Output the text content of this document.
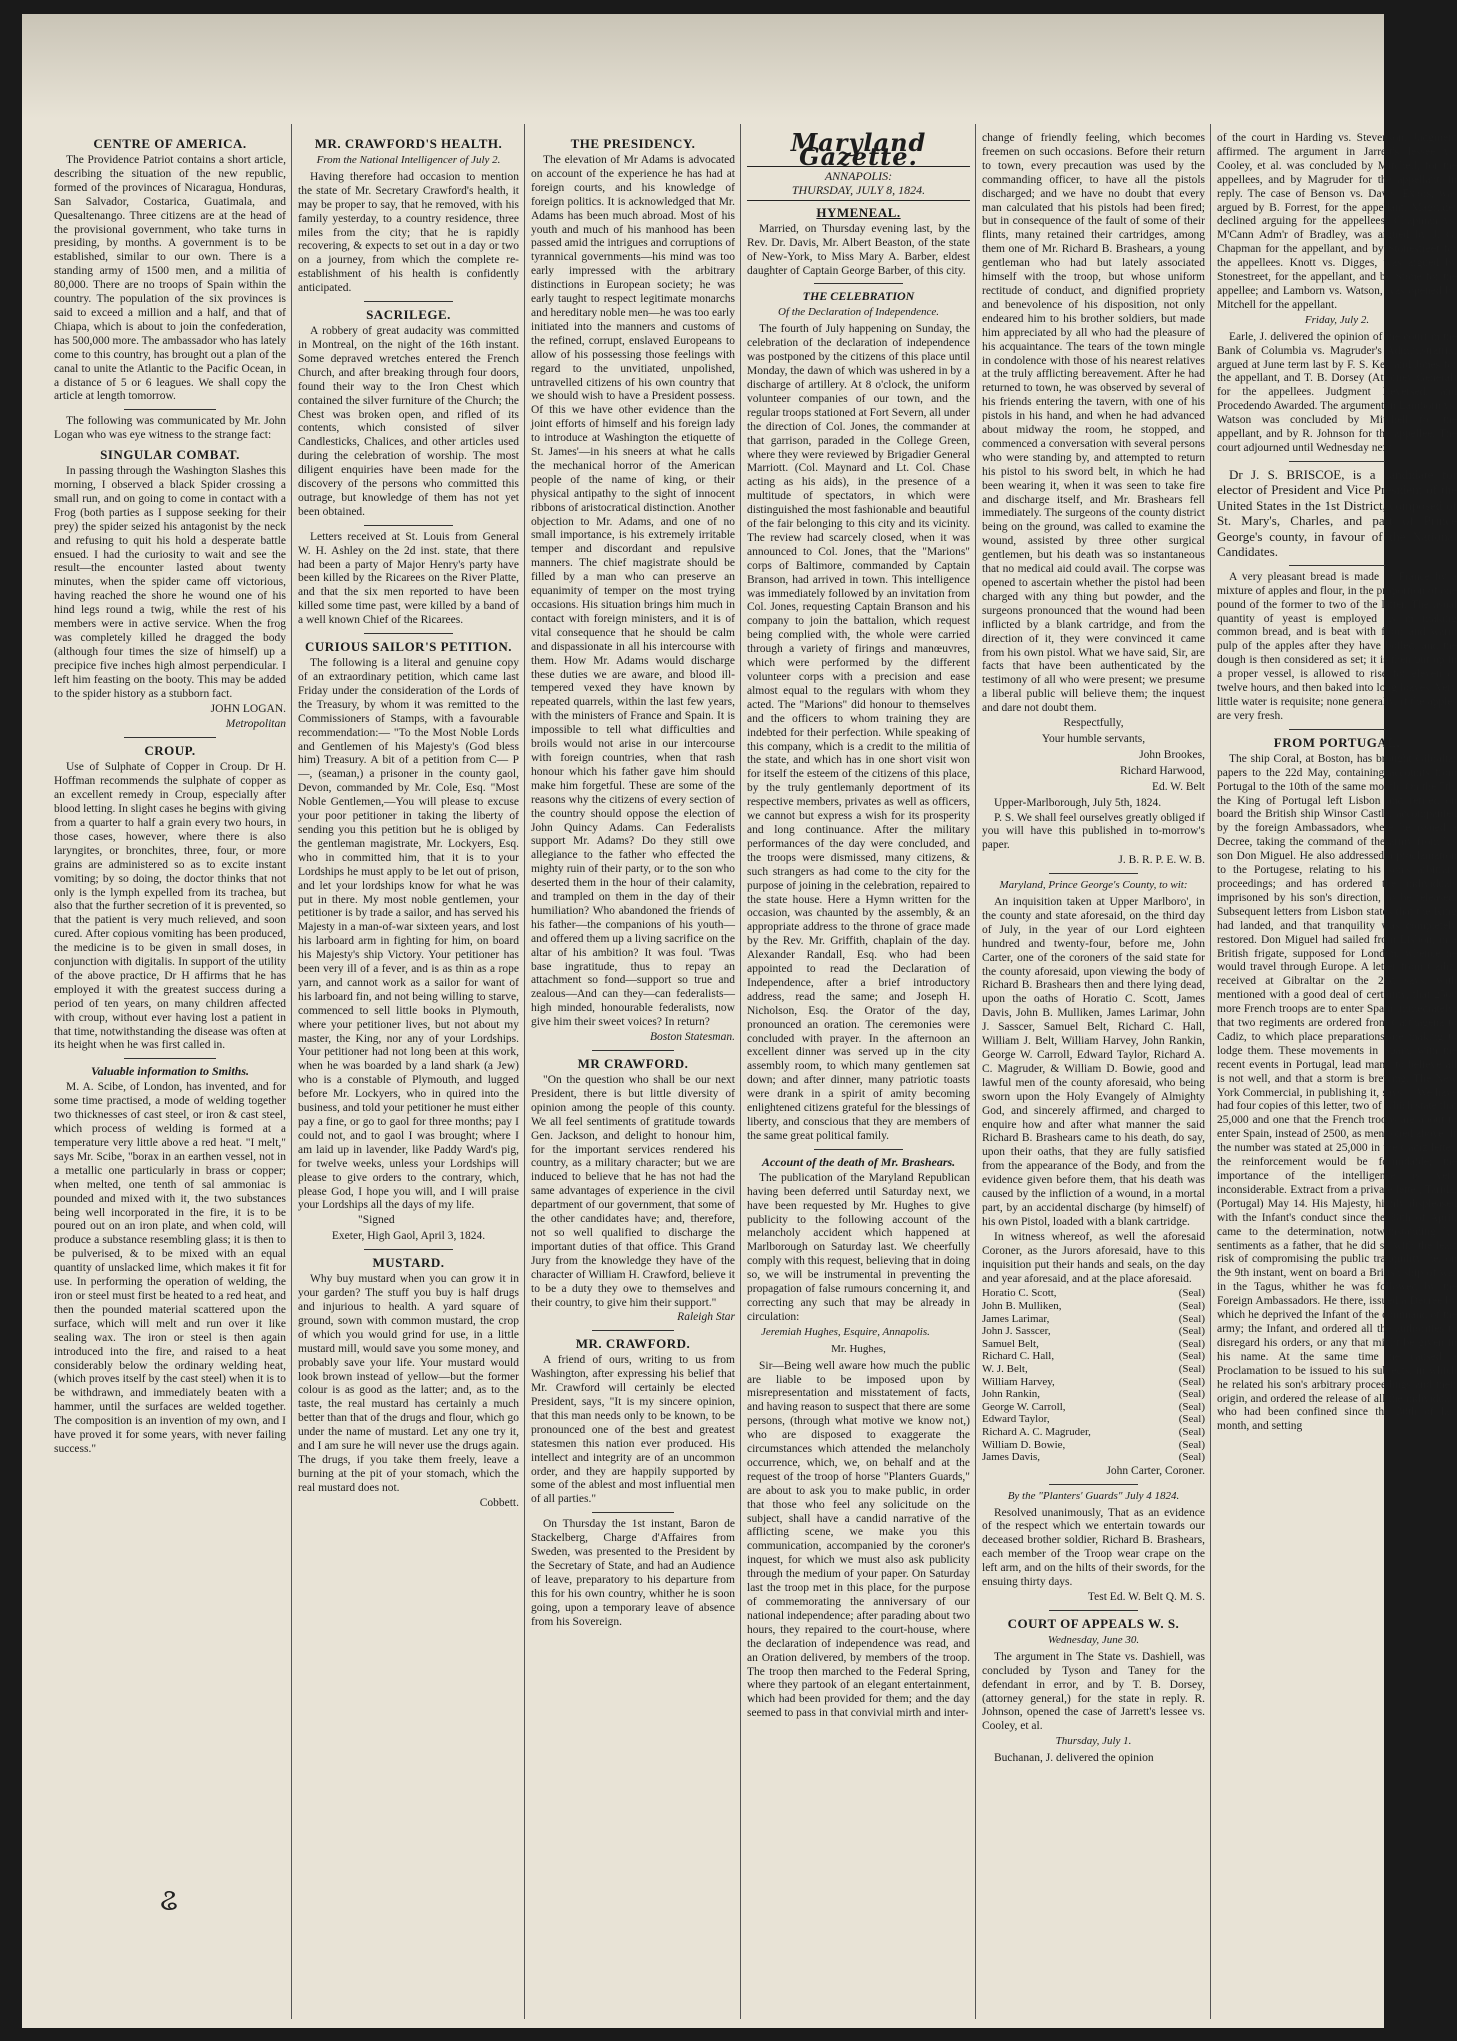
CENTRE OF AMERICA.

The Providence Patriot contains a short article, describing the situation of the new republic, formed of the provinces of Nicaragua, Honduras, San Salvador, Costarica, Guatimala, and Quesaltenango. Three citizens are at the head of the provisional government, who take turns in presiding, by months. A government is to be established, similar to our own. There is a standing army of 1500 men, and a militia of 80,000. There are no troops of Spain within the country. The population of the six provinces is said to exceed a million and a half, and that of Chiapa, which is about to join the confederation, has 500,000 more. The ambassador who has lately come to this country, has brought out a plan of the canal to unite the Atlantic to the Pacific Ocean, in a distance of 5 or 6 leagues. We shall copy the article at length tomorrow.

The following was communicated by Mr. John Logan who was eye witness to the strange fact:

SINGULAR COMBAT.

In passing through the Washington Slashes this morning, I observed a black Spider crossing a small run, and on going to come in contact with a Frog (both parties as I suppose seeking for their prey) the spider seized his antagonist by the neck and refusing to quit his hold a desperate battle ensued. I had the curiosity to wait and see the result—the encounter lasted about twenty minutes, when the spider came off victorious, having reached the shore he wound one of his hind legs round a twig, while the rest of his members were in active service. When the frog was completely killed he dragged the body (although four times the size of himself) up a precipice five inches high almost perpendicular. I left him feasting on the booty. This may be added to the spider history as a stubborn fact.

JOHN LOGAN.
Metropolitan
CROUP.

Use of Sulphate of Copper in Croup. Dr H. Hoffman recommends the sulphate of copper as an excellent remedy in Croup, especially after blood letting. In slight cases he begins with giving from a quarter to half a grain every two hours, in those cases, however, where there is also laryngites, or bronchites, three, four, or more grains are administered so as to excite instant vomiting; by so doing, the doctor thinks that not only is the lymph expelled from its trachea, but also that the further secretion of it is prevented, so that the patient is very much relieved, and soon cured. After copious vomiting has been produced, the medicine is to be given in small doses, in conjunction with digitalis. In support of the utility of the above practice, Dr H affirms that he has employed it with the greatest success during a period of ten years, on many children affected with croup, without ever having lost a patient in that time, notwithstanding the disease was often at its height when he was first called in.

Valuable information to Smiths.

M. A. Scibe, of London, has invented, and for some time practised, a mode of welding together two thicknesses of cast steel, or iron & cast steel, which process of welding is formed at a temperature very little above a red heat. "I melt," says Mr. Scibe, "borax in an earthen vessel, not in a metallic one particularly in brass or copper; when melted, one tenth of sal ammoniac is pounded and mixed with it, the two substances being well incorporated in the fire, it is to be poured out on an iron plate, and when cold, will produce a substance resembling glass; it is then to be pulverised, & to be mixed with an equal quantity of unslacked lime, which makes it fit for use. In performing the operation of welding, the iron or steel must first be heated to a red heat, and then the pounded material scattered upon the surface, which will melt and run over it like sealing wax. The iron or steel is then again introduced into the fire, and raised to a heat considerably below the ordinary welding heat, (which proves itself by the cast steel) when it is to be withdrawn, and immediately beaten with a hammer, until the surfaces are welded together. The composition is an invention of my own, and I have proved it for some years, with never failing success."

MR. CRAWFORD'S HEALTH.
From the National Intelligencer of July 2.

Having therefore had occasion to mention the state of Mr. Secretary Crawford's health, it may be proper to say, that he removed, with his family yesterday, to a country residence, three miles from the city; that he is rapidly recovering, & expects to set out in a day or two on a journey, from which the complete re-establishment of his health is confidently anticipated.

SACRILEGE.

A robbery of great audacity was committed in Montreal, on the night of the 16th instant. Some depraved wretches entered the French Church, and after breaking through four doors, found their way to the Iron Chest which contained the silver furniture of the Church; the Chest was broken open, and rifled of its contents, which consisted of silver Candlesticks, Chalices, and other articles used during the celebration of worship. The most diligent enquiries have been made for the discovery of the persons who committed this outrage, but knowledge of them has not yet been obtained.

Letters received at St. Louis from General W. H. Ashley on the 2d inst. state, that there had been a party of Major Henry's party have been killed by the Ricarees on the River Platte, and that the six men reported to have been killed some time past, were killed by a band of a well known Chief of the Ricarees.

CURIOUS SAILOR'S PETITION.

The following is a literal and genuine copy of an extraordinary petition, which came last Friday under the consideration of the Lords of the Treasury, by whom it was remitted to the Commissioners of Stamps, with a favourable recommendation:— "To the Most Noble Lords and Gentlemen of his Majesty's (God bless him) Treasury. A bit of a petition from C— P—, (seaman,) a prisoner in the county gaol, Devon, commanded by Mr. Cole, Esq. "Most Noble Gentlemen,—You will please to excuse your poor petitioner in taking the liberty of sending you this petition but he is obliged by the gentleman magistrate, Mr. Lockyers, Esq. who in committed him, that it is to your Lordships he must apply to be let out of prison, and let your lordships know for what he was put in there. My most noble gentlemen, your petitioner is by trade a sailor, and has served his Majesty in a man-of-war sixteen years, and lost his larboard arm in fighting for him, on board his Majesty's ship Victory. Your petitioner has been very ill of a fever, and is as thin as a rope yarn, and cannot work as a sailor for want of his larboard fin, and not being willing to starve, commenced to sell little books in Plymouth, where your petitioner lives, but not about my master, the King, nor any of your Lordships. Your petitioner had not long been at this work, when he was boarded by a land shark (a Jew) who is a constable of Plymouth, and lugged before Mr. Lockyers, who in quired into the business, and told your petitioner he must either pay a fine, or go to gaol for three months; pay I could not, and to gaol I was brought; where I am laid up in lavender, like Paddy Ward's pig, for twelve weeks, unless your Lordships will please to give orders to the contrary, which, please God, I hope you will, and I will praise your Lordships all the days of my life.

"Signed
Exeter, High Gaol, April 3, 1824.
MUSTARD.

Why buy mustard when you can grow it in your garden? The stuff you buy is half drugs and injurious to health. A yard square of ground, sown with common mustard, the crop of which you would grind for use, in a little mustard mill, would save you some money, and probably save your life. Your mustard would look brown instead of yellow—but the former colour is as good as the latter; and, as to the taste, the real mustard has certainly a much better than that of the drugs and flour, which go under the name of mustard. Let any one try it, and I am sure he will never use the drugs again. The drugs, if you take them freely, leave a burning at the pit of your stomach, which the real mustard does not.

Cobbett.
THE PRESIDENCY.

The elevation of Mr Adams is advocated on account of the experience he has had at foreign courts, and his knowledge of foreign politics. It is acknowledged that Mr. Adams has been much abroad. Most of his youth and much of his manhood has been passed amid the intrigues and corruptions of tyrannical governments—his mind was too early impressed with the arbitrary distinctions in European society; he was early taught to respect legitimate monarchs and hereditary noble men—he was too early initiated into the manners and customs of the refined, corrupt, enslaved Europeans to allow of his possessing those feelings with regard to the unvitiated, unpolished, untravelled citizens of his own country that we should wish to have a President possess. Of this we have other evidence than the joint efforts of himself and his foreign lady to introduce at Washington the etiquette of St. James'—in his sneers at what he calls the mechanical horror of the American people of the name of king, or their physical antipathy to the sight of innocent ribbons of aristocratical distinction. Another objection to Mr. Adams, and one of no small importance, is his extremely irritable temper and discordant and repulsive manners. The chief magistrate should be filled by a man who can preserve an equanimity of temper on the most trying occasions. His situation brings him much in contact with foreign ministers, and it is of vital consequence that he should be calm and dispassionate in all his intercourse with them. How Mr. Adams would discharge these duties we are aware, and blood ill-tempered vexed they have known by repeated quarrels, within the last few years, with the ministers of France and Spain. It is impossible to tell what difficulties and broils would not arise in our intercourse with foreign countries, when that rash honour which his father gave him should make him forgetful. These are some of the reasons why the citizens of every section of the country should oppose the election of John Quincy Adams. Can Federalists support Mr. Adams? Do they still owe allegiance to the father who effected the mighty ruin of their party, or to the son who deserted them in the hour of their calamity, and trampled on them in the day of their humiliation? Who abandoned the friends of his father—the companions of his youth—and offered them up a living sacrifice on the altar of his ambition? It was foul. 'Twas base ingratitude, thus to repay an attachment so fond—support so true and zealous—And can they—can federalists—high minded, honourable federalists, now give him their sweet voices? In return?

Boston Statesman.
MR CRAWFORD.

"On the question who shall be our next President, there is but little diversity of opinion among the people of this county. We all feel sentiments of gratitude towards Gen. Jackson, and delight to honour him, for the important services rendered his country, as a military character; but we are induced to believe that he has not had the same advantages of experience in the civil department of our government, that some of the other candidates have; and, therefore, not so well qualified to discharge the important duties of that office. This Grand Jury from the knowledge they have of the character of William H. Crawford, believe it to be a duty they owe to themselves and their country, to give him their support."

Raleigh Star
MR. CRAWFORD.

A friend of ours, writing to us from Washington, after expressing his belief that Mr. Crawford will certainly be elected President, says, "It is my sincere opinion, that this man needs only to be known, to be pronounced one of the best and greatest statesmen this nation ever produced. His intellect and integrity are of an uncommon order, and they are happily supported by some of the ablest and most influential men of all parties."

On Thursday the 1st instant, Baron de Stackelberg, Charge d'Affaires from Sweden, was presented to the President by the Secretary of State, and had an Audience of leave, preparatory to his departure from this for his own country, whither he is soon going, upon a temporary leave of absence from his Sovereign.

Maryland Gazette.
ANNAPOLIS:
THURSDAY, JULY 8, 1824.
HYMENEAL.

Married, on Thursday evening last, by the Rev. Dr. Davis, Mr. Albert Beaston, of the state of New-York, to Miss Mary A. Barber, eldest daughter of Captain George Barber, of this city.

THE CELEBRATION
Of the Declaration of Independence.

The fourth of July happening on Sunday, the celebration of the declaration of independence was postponed by the citizens of this place until Monday, the dawn of which was ushered in by a discharge of artillery. At 8 o'clock, the uniform volunteer companies of our town, and the regular troops stationed at Fort Severn, all under the direction of Col. Jones, the commander at that garrison, paraded in the College Green, where they were reviewed by Brigadier General Marriott. (Col. Maynard and Lt. Col. Chase acting as his aids), in the presence of a multitude of spectators, in which were distinguished the most fashionable and beautiful of the fair belonging to this city and its vicinity. The review had scarcely closed, when it was announced to Col. Jones, that the "Marions" corps of Baltimore, commanded by Captain Branson, had arrived in town. This intelligence was immediately followed by an invitation from Col. Jones, requesting Captain Branson and his company to join the battalion, which request being complied with, the whole were carried through a variety of firings and manœuvres, which were performed by the different volunteer corps with a precision and ease almost equal to the regulars with whom they acted. The "Marions" did honour to themselves and the officers to whom training they are indebted for their perfection. While speaking of this company, which is a credit to the militia of the state, and which has in one short visit won for itself the esteem of the citizens of this place, by the truly gentlemanly deportment of its respective members, privates as well as officers, we cannot but express a wish for its prosperity and long continuance. After the military performances of the day were concluded, and the troops were dismissed, many citizens, & such strangers as had come to the city for the purpose of joining in the celebration, repaired to the state house. Here a Hymn written for the occasion, was chaunted by the assembly, & an appropriate address to the throne of grace made by the Rev. Mr. Griffith, chaplain of the day. Alexander Randall, Esq. who had been appointed to read the Declaration of Independence, after a brief introductory address, read the same; and Joseph H. Nicholson, Esq. the Orator of the day, pronounced an oration. The ceremonies were concluded with prayer. In the afternoon an excellent dinner was served up in the city assembly room, to which many gentlemen sat down; and after dinner, many patriotic toasts were drank in a spirit of amity becoming enlightened citizens grateful for the blessings of liberty, and conscious that they are members of the same great political family.

Account of the death of Mr. Brashears.

The publication of the Maryland Republican having been deferred until Saturday next, we have been requested by Mr. Hughes to give publicity to the following account of the melancholy accident which happened at Marlborough on Saturday last. We cheerfully comply with this request, believing that in doing so, we will be instrumental in preventing the propagation of false rumours concerning it, and correcting any such that may be already in circulation:

Jeremiah Hughes, Esquire, Annapolis.
Mr. Hughes,

Sir—Being well aware how much the public are liable to be imposed upon by misrepresentation and misstatement of facts, and having reason to suspect that there are some persons, (through what motive we know not,) who are disposed to exaggerate the circumstances which attended the melancholy occurrence, which, we, on behalf and at the request of the troop of horse "Planters Guards," are about to ask you to make public, in order that those who feel any solicitude on the subject, shall have a candid narrative of the afflicting scene, we make you this communication, accompanied by the coroner's inquest, for which we must also ask publicity through the medium of your paper. On Saturday last the troop met in this place, for the purpose of commemorating the anniversary of our national independence; after parading about two hours, they repaired to the court-house, where the declaration of independence was read, and an Oration delivered, by members of the troop. The troop then marched to the Federal Spring, where they partook of an elegant entertainment, which had been provided for them; and the day seemed to pass in that convivial mirth and inter-

change of friendly feeling, which becomes freemen on such occasions. Before their return to town, every precaution was used by the commanding officer, to have all the pistols discharged; and we have no doubt that every man calculated that his pistols had been fired; but in consequence of the fault of some of their flints, many retained their cartridges, among them one of Mr. Richard B. Brashears, a young gentleman who had but lately associated himself with the troop, but whose uniform rectitude of conduct, and dignified propriety and benevolence of his disposition, not only endeared him to his brother soldiers, but made him appreciated by all who had the pleasure of his acquaintance. The tears of the town mingle in condolence with those of his nearest relatives at the truly afflicting bereavement. After he had returned to town, he was observed by several of his friends entering the tavern, with one of his pistols in his hand, and when he had advanced about midway the room, he stopped, and commenced a conversation with several persons who were standing by, and attempted to return his pistol to his sword belt, in which he had been wearing it, when it was seen to take fire and discharge itself, and Mr. Brashears fell immediately. The surgeons of the county district being on the ground, was called to examine the wound, assisted by three other surgical gentlemen, but his death was so instantaneous that no medical aid could avail. The corpse was opened to ascertain whether the pistol had been charged with any thing but powder, and the surgeons pronounced that the wound had been inflicted by a blank cartridge, and from the direction of it, they were convinced it came from his own pistol. What we have said, Sir, are facts that have been authenticated by the testimony of all who were present; we presume a liberal public will believe them; the inquest and dare not doubt them.

Respectfully,
Your humble servants,
John Brookes,
Richard Harwood,
Ed. W. Belt

Upper-Marlborough, July 5th, 1824.

P. S. We shall feel ourselves greatly obliged if you will have this published in to-morrow's paper.

J. B. R. P. E. W. B.
Maryland, Prince George's County, to wit:

An inquisition taken at Upper Marlboro', in the county and state aforesaid, on the third day of July, in the year of our Lord eighteen hundred and twenty-four, before me, John Carter, one of the coroners of the said state for the county aforesaid, upon viewing the body of Richard B. Brashears then and there lying dead, upon the oaths of Horatio C. Scott, James Davis, John B. Mulliken, James Larimar, John J. Sasscer, Samuel Belt, Richard C. Hall, William J. Belt, William Harvey, John Rankin, George W. Carroll, Edward Taylor, Richard A. C. Magruder, & William D. Bowie, good and lawful men of the county aforesaid, who being sworn upon the Holy Evangely of Almighty God, and sincerely affirmed, and charged to enquire how and after what manner the said Richard B. Brashears came to his death, do say, upon their oaths, that they are fully satisfied from the appearance of the Body, and from the evidence given before them, that his death was caused by the infliction of a wound, in a mortal part, by an accidental discharge (by himself) of his own Pistol, loaded with a blank cartridge.

In witness whereof, as well the aforesaid Coroner, as the Jurors aforesaid, have to this inquisition put their hands and seals, on the day and year aforesaid, and at the place aforesaid.

Horatio C. Scott,	(Seal)
John B. Mulliken,	(Seal)
James Larimar,	(Seal)
John J. Sasscer,	(Seal)
Samuel Belt,	(Seal)
Richard C. Hall,	(Seal)
W. J. Belt,	(Seal)
William Harvey,	(Seal)
John Rankin,	(Seal)
George W. Carroll,	(Seal)
Edward Taylor,	(Seal)
Richard A. C. Magruder,	(Seal)
William D. Bowie,	(Seal)
James Davis,	(Seal)
John Carter, Coroner.
By the "Planters' Guards" July 4 1824.

Resolved unanimously, That as an evidence of the respect which we entertain towards our deceased brother soldier, Richard B. Brashears, each member of the Troop wear crape on the left arm, and on the hilts of their swords, for the ensuing thirty days.

Test Ed. W. Belt Q. M. S.
COURT OF APPEALS W. S.
Wednesday, June 30.

The argument in The State vs. Dashiell, was concluded by Tyson and Taney for the defendant in error, and by T. B. Dorsey, (attorney general,) for the state in reply. R. Johnson, opened the case of Jarrett's lessee vs. Cooley, et al.

Thursday, July 1.

Buchanan, J. delivered the opinion

of the court in Harding vs. Stevenson. Judgment affirmed. The argument in Jarrett's lessee vs. Cooley, et al. was concluded by Mitchell, for the appellees, and by Magruder for the appellant, in reply. The case of Benson vs. Davis' Ex'ors, was argued by B. Forrest, for the appellant. Magruder declined arguing for the appellees. Chapman vs. M'Cann Adm'r of Bradley, was argued by J. G. Chapman for the appellant, and by Stonestreet for the appellees. Knott vs. Digges, was argued by Stonestreet, for the appellant, and by Stone for the appellee; and Lamborn vs. Watson, was opened by Mitchell for the appellant.

Friday, July 2.

Earle, J. delivered the opinion of the court in the Bank of Columbia vs. Magruder's Administratrix, argued at June term last by F. S. Key and Jones for the appellant, and T. B. Dorsey (Attorney General) for the appellees. Judgment Reversed, and Procedendo Awarded. The argument in Lamborn vs. Watson was concluded by Mitchell for the appellant, and by R. Johnson for the appellee. The court adjourned until Wednesday next.

Dr J. S. BRISCOE, is a candidate for elector of President and Vice President of the United States in the 1st District, composed of St. Mary's, Charles, and part of Prince George's county, in favour of the National Candidates.

A very pleasant bread is made in France by a mixture of apples and flour, in the proportion of one pound of the former to two of the latter. The usual quantity of yeast is employed as in making common bread, and is beat with flour and warm pulp of the apples after they have boiled, and the dough is then considered as set; it is then put up in a proper vessel, is allowed to rise for eleven or twelve hours, and then baked into long loaves. Very little water is requisite; none generally, if the apples are very fresh.

FROM PORTUGAL.

The ship Coral, at Boston, has brought Gibraltar papers to the 22d May, containing accounts from Portugal to the 10th of the same month. On the 7th, the King of Portugal left Lisbon and retired on board the British ship Winsor Castle, accompanied by the foreign Ambassadors, where he issued a Decree, taking the command of the army from his son Don Miguel. He also addressed a proclamation to the Portugese, relating to his son's arbitrary proceedings; and has ordered the individuals imprisoned by his son's direction, to be released. Subsequent letters from Lisbon states that the King had landed, and that tranquility was completely restored. Don Miguel had sailed from Lisbon, in a British frigate, supposed for London, whence he would travel through Europe. A letter from Cadiz, received at Gibraltar on the 22d says, with mentioned with a good deal of certainty, that 2500 more French troops are to enter Spain immediately; that two regiments are ordered from Carthagena to Cadiz, to which place preparations are making to lodge them. These movements in Spain, with the recent events in Portugal, lead many to believe all is not well, and that a storm is brewing. The New York Commercial, in publishing it, says:—We have had four copies of this letter, two of which state that 25,000 and one that the French troops are about to enter Spain, instead of 2500, as mentioned above. If the number was stated at 25,000 in the Cadiz letter, the reinforcement would be formidable; the importance of the intelligence is very inconsiderable. Extract from a private letter, Tarida, (Portugal) May 14. His Majesty, highly displeased with the Infant's conduct since the 30th of April, came to the determination, notwithstanding his sentiments as a father, that he did so with the least risk of compromising the public tranquility, he, on the 9th instant, went on board a British ship of war in the Tagus, whither he was followed by the Foreign Ambassadors. He there, issued a Decree by which he deprived the Infant of the command of the army; the Infant, and ordered all the authorities to disregard his orders, or any that might be given in his name. At the same time he caused a Proclamation to be issued to his subjects, in which he related his son's arbitrary proceedings and their origin, and ordered the release of all the individuals who had been confined since the 30th of last month, and setting

ଌ
